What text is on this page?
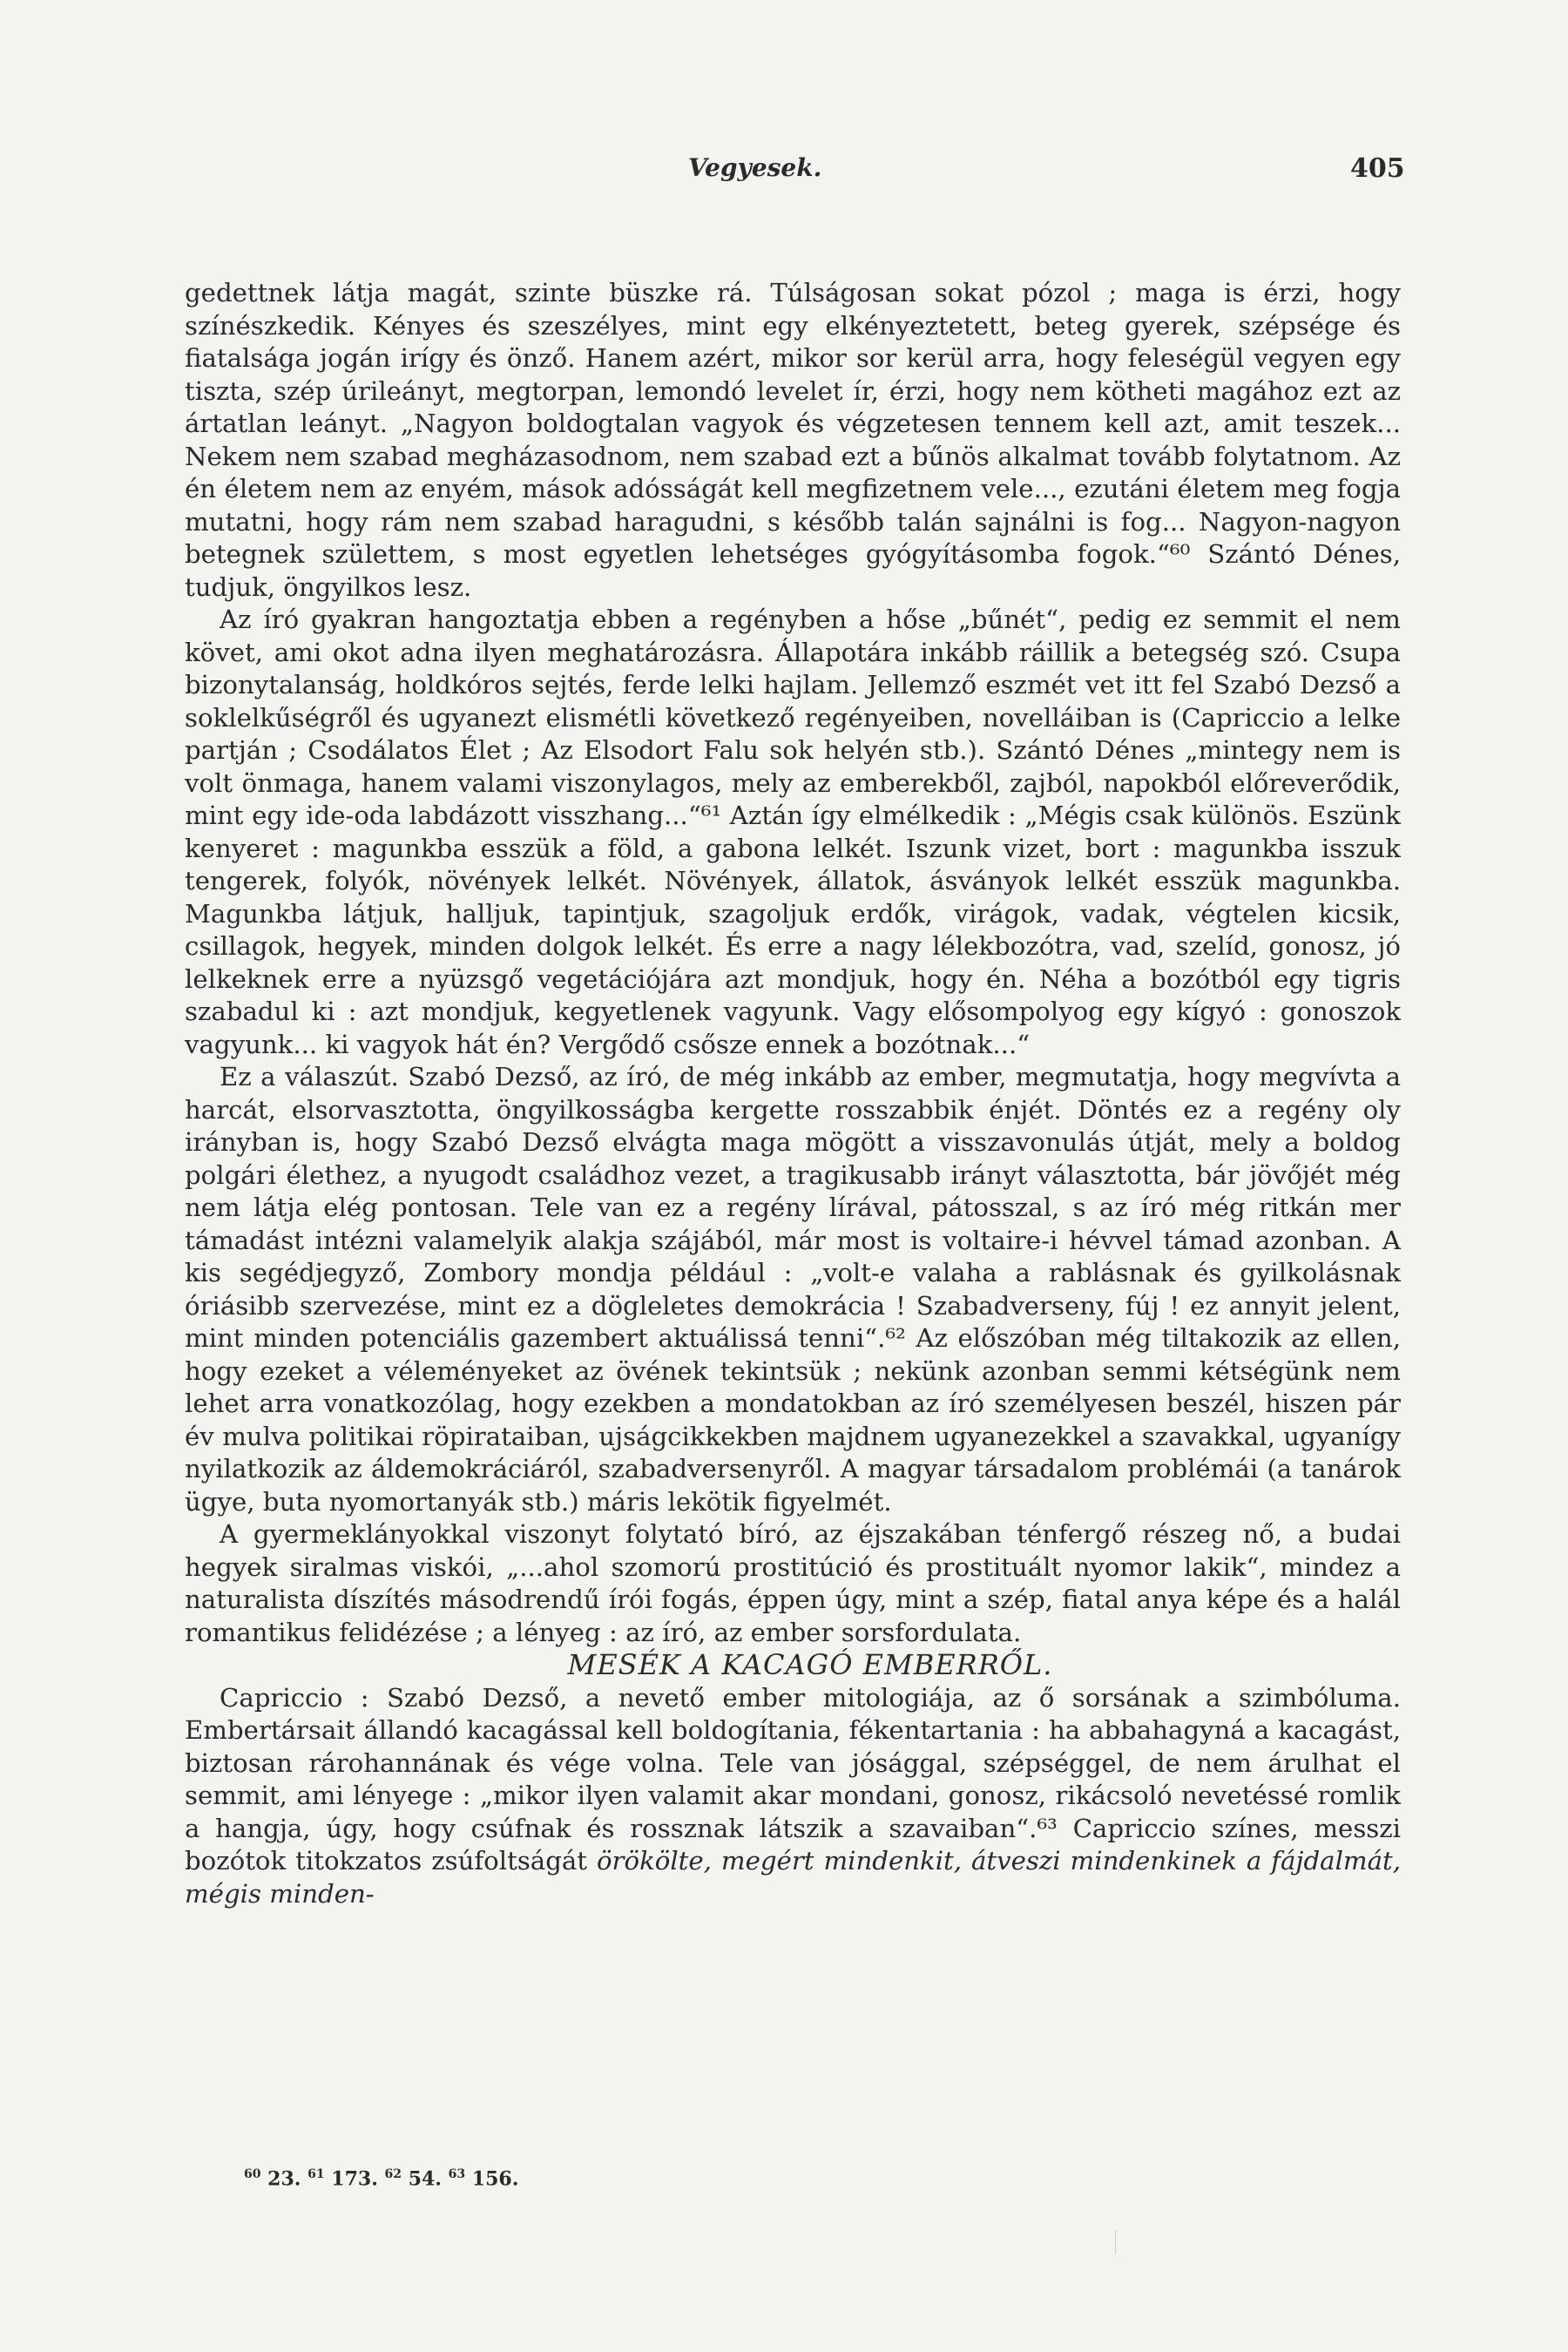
Vegyesek.	405

gedettnek látja magát, szinte büszke rá. Túlságosan sokat pózol ; maga is érzi, hogy színészkedik. Kényes és szeszélyes, mint egy elkényeztetett, beteg gyerek, szépsége és fiatalsága jogán irígy és önző. Hanem azért, mikor sor kerül arra, hogy feleségül vegyen egy tiszta, szép úrileányt, megtorpan, lemondó levelet ír, érzi, hogy nem kötheti magához ezt az ártatlan leányt. „Nagyon boldogtalan vagyok és végzetesen tennem kell azt, amit teszek... Nekem nem szabad megházasodnom, nem szabad ezt a bűnös alkalmat tovább folytatnom. Az én életem nem az enyém, mások adósságát kell megfizetnem vele..., ezutáni életem meg fogja mutatni, hogy rám nem szabad haragudni, s később talán sajnálni is fog... Nagyon-nagyon betegnek születtem, s most egyetlen lehetséges gyógyításomba fogok.“⁶⁰ Szántó Dénes, tudjuk, öngyilkos lesz.

Az író gyakran hangoztatja ebben a regényben a hőse „bűnét“, pedig ez semmit el nem követ, ami okot adna ilyen meghatározásra. Állapotára inkább ráillik a betegség szó. Csupa bizonytalanság, holdkóros sejtés, ferde lelki hajlam. Jellemző eszmét vet itt fel Szabó Dezső a soklelkűségről és ugyanezt elismétli következő regényeiben, novelláiban is (Capriccio a lelke partján ; Csodálatos Élet ; Az Elsodort Falu sok helyén stb.). Szántó Dénes „mintegy nem is volt önmaga, hanem valami viszonylagos, mely az emberekből, zajból, napokból előreverődik, mint egy ide-oda labdázott visszhang...“⁶¹ Aztán így elmélkedik : „Mégis csak különös. Eszünk kenyeret : magunkba esszük a föld, a gabona lelkét. Iszunk vizet, bort : magunkba isszuk tengerek, folyók, növények lelkét. Növények, állatok, ásványok lelkét esszük magunkba. Magunkba látjuk, halljuk, tapintjuk, szagoljuk erdők, virágok, vadak, végtelen kicsik, csillagok, hegyek, minden dolgok lelkét. És erre a nagy lélekbozótra, vad, szelíd, gonosz, jó lelkeknek erre a nyüzsgő vegetációjára azt mondjuk, hogy én. Néha a bozótból egy tigris szabadul ki : azt mondjuk, kegyetlenek vagyunk. Vagy elősompolyog egy kígyó : gonoszok vagyunk... ki vagyok hát én? Vergődő csősze ennek a bozótnak...“

Ez a válaszút. Szabó Dezső, az író, de még inkább az ember, megmutatja, hogy megvívta a harcát, elsorvasztotta, öngyilkosságba kergette rosszabbik énjét. Döntés ez a regény oly irányban is, hogy Szabó Dezső elvágta maga mögött a visszavonulás útját, mely a boldog polgári élethez, a nyugodt családhoz vezet, a tragikusabb irányt választotta, bár jövőjét még nem látja elég pontosan. Tele van ez a regény lírával, pátosszal, s az író még ritkán mer támadást intézni valamelyik alakja szájából, már most is voltaire-i hévvel támad azonban. A kis segédjegyző, Zombory mondja például : „volt-e valaha a rablásnak és gyilkolásnak óriásibb szervezése, mint ez a dögleletes demokrácia ! Szabadverseny, fúj ! ez annyit jelent, mint minden potenciális gazembert aktuálissá tenni“.⁶² Az előszóban még tiltakozik az ellen, hogy ezeket a véleményeket az övének tekintsük ; nekünk azonban semmi kétségünk nem lehet arra vonatkozólag, hogy ezekben a mondatokban az író személyesen beszél, hiszen pár év mulva politikai röpirataiban, ujságcikkekben majdnem ugyanezekkel a szavakkal, ugyanígy nyilatkozik az áldemokráciáról, szabadversenyről. A magyar társadalom problémái (a tanárok ügye, buta nyomortanyák stb.) máris lekötik figyelmét.

A gyermeklányokkal viszonyt folytató bíró, az éjszakában ténfergő részeg nő, a budai hegyek siralmas viskói, „...ahol szomorú prostitúció és prostituált nyomor lakik“, mindez a naturalista díszítés másodrendű írói fogás, éppen úgy, mint a szép, fiatal anya képe és a halál romantikus felidézése ; a lényeg : az író, az ember sorsfordulata.

MESÉK A KACAGÓ EMBERRŐL.

Capriccio : Szabó Dezső, a nevető ember mitologiája, az ő sorsának a szimbóluma. Embertársait állandó kacagással kell boldogítania, fékentartania : ha abbahagyná a kacagást, biztosan rárohannának és vége volna. Tele van jósággal, szépséggel, de nem árulhat el semmit, ami lényege : „mikor ilyen valamit akar mondani, gonosz, rikácsoló nevetéssé romlik a hangja, úgy, hogy csúfnak és rossznak látszik a szavaiban“.⁶³ Capriccio színes, messzi bozótok titokzatos zsúfoltságát örökölte, megért mindenkit, átveszi mindenkinek a fájdalmát, mégis minden-

$^{60}$ 23. $^{61}$ 173. $^{62}$ 54. $^{63}$ 156.
